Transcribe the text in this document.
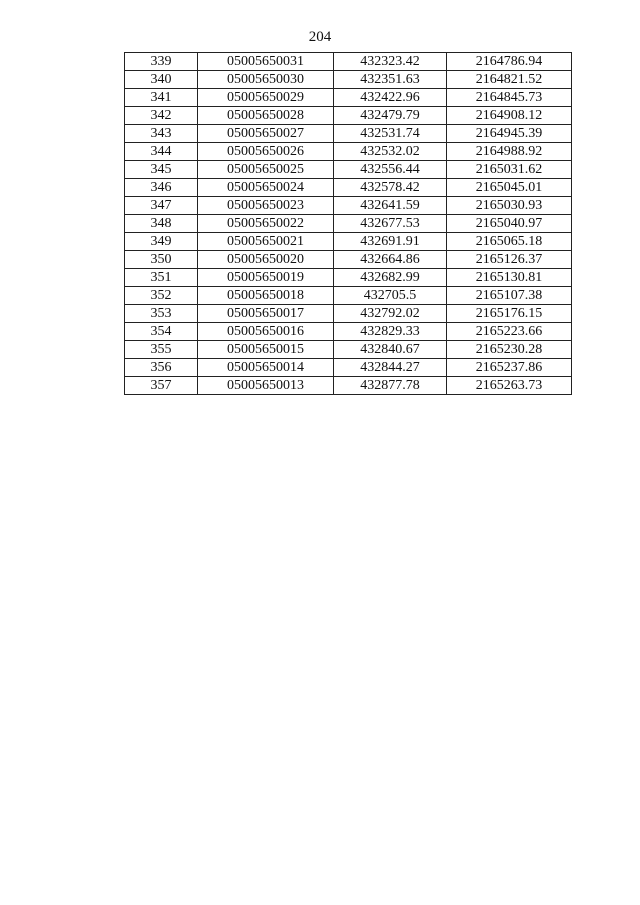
204
339	05005650031	432323.42	2164786.94
340	05005650030	432351.63	2164821.52
341	05005650029	432422.96	2164845.73
342	05005650028	432479.79	2164908.12
343	05005650027	432531.74	2164945.39
344	05005650026	432532.02	2164988.92
345	05005650025	432556.44	2165031.62
346	05005650024	432578.42	2165045.01
347	05005650023	432641.59	2165030.93
348	05005650022	432677.53	2165040.97
349	05005650021	432691.91	2165065.18
350	05005650020	432664.86	2165126.37
351	05005650019	432682.99	2165130.81
352	05005650018	432705.5	2165107.38
353	05005650017	432792.02	2165176.15
354	05005650016	432829.33	2165223.66
355	05005650015	432840.67	2165230.28
356	05005650014	432844.27	2165237.86
357	05005650013	432877.78	2165263.73
